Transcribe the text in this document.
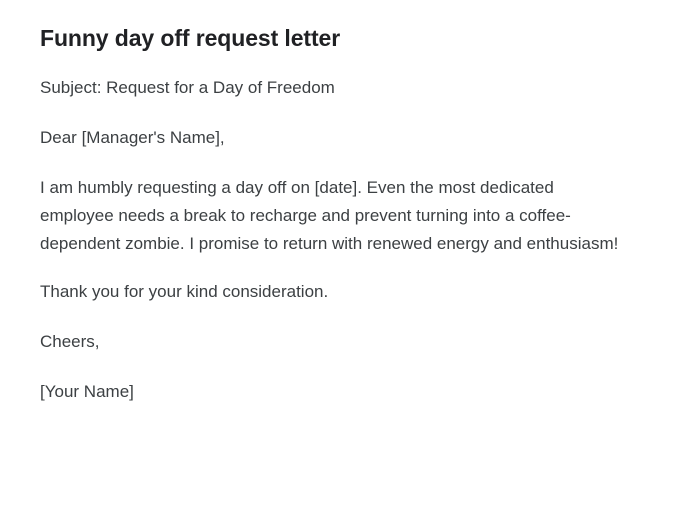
Funny day off request letter

Subject: Request for a Day of Freedom

Dear [Manager's Name],

I am humbly requesting a day off on [date]. Even the most dedicated employee needs a break to recharge and prevent turning into a coffee-dependent zombie. I promise to return with renewed energy and enthusiasm!

Thank you for your kind consideration.

Cheers,

[Your Name]
